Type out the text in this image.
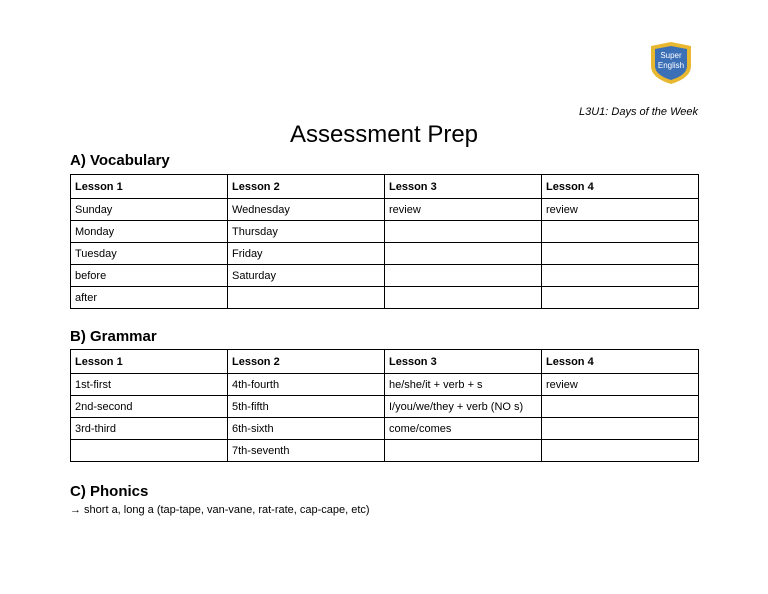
Super
English
L3U1: Days of the Week
Assessment Prep
A) Vocabulary
Lesson 1	Lesson 2	Lesson 3	Lesson 4
Sunday	Wednesday	review	review
Monday	Thursday		
Tuesday	Friday		
before	Saturday		
after			
B) Grammar
Lesson 1	Lesson 2	Lesson 3	Lesson 4
1st-first	4th-fourth	he/she/it + verb + s	review
2nd-second	5th-fifth	I/you/we/they + verb (NO s)	
3rd-third	6th-sixth	come/comes	
	7th-seventh		
C) Phonics
→ short a, long a (tap-tape, van-vane, rat-rate, cap-cape, etc)
